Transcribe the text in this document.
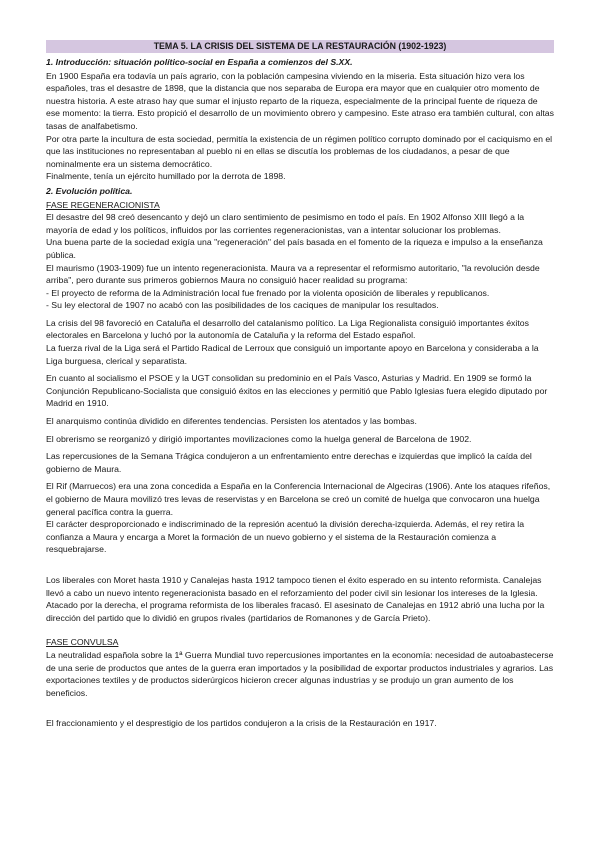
TEMA 5. LA CRISIS DEL SISTEMA DE LA RESTAURACIÓN (1902-1923)
1. Introducción: situación político-social en España a comienzos del S.XX.

En 1900 España era todavía un país agrario, con la población campesina viviendo en la miseria. Esta situación hizo vera los españoles, tras el desastre de 1898, que la distancia que nos separaba de Europa era mayor que en cualquier otro momento de nuestra historia. A este atraso hay que sumar el injusto reparto de la riqueza, especialmente de la principal fuente de riqueza de ese momento: la tierra. Esto propició el desarrollo de un movimiento obrero y campesino. Este atraso era también cultural, con altas tasas de analfabetismo.

Por otra parte la incultura de esta sociedad, permitía la existencia de un régimen político corrupto dominado por el caciquismo en el que las instituciones no representaban al pueblo ni en ellas se discutía los problemas de los ciudadanos, a pesar de que nominalmente era un sistema democrático.

Finalmente, tenía un ejército humillado por la derrota de 1898.

2. Evolución política.
FASE REGENERACIONISTA

El desastre del 98 creó desencanto y dejó un claro sentimiento de pesimismo en todo el país. En 1902 Alfonso XIII llegó a la mayoría de edad y los políticos, influidos por las corrientes regeneracionistas, van a intentar solucionar los problemas.

Una buena parte de la sociedad exigía una "regeneración" del país basada en el fomento de la riqueza e impulso a la enseñanza pública.

El maurismo (1903-1909) fue un intento regeneracionista. Maura va a representar el reformismo autoritario, "la revolución desde arriba", pero durante sus primeros gobiernos Maura no consiguió hacer realidad su programa:

- El proyecto de reforma de la Administración local fue frenado por la violenta oposición de liberales y republicanos.

- Su ley electoral de 1907 no acabó con las posibilidades de los caciques de manipular los resultados.

La crisis del 98 favoreció en Cataluña el desarrollo del catalanismo político. La Liga Regionalista consiguió importantes éxitos electorales en Barcelona y luchó por la autonomía de Cataluña y la reforma del Estado español.

La fuerza rival de la Liga será el Partido Radical de Lerroux que consiguió un importante apoyo en Barcelona y consideraba a la Liga burguesa, clerical y separatista.

En cuanto al socialismo el PSOE y la UGT consolidan su predominio en el País Vasco, Asturias y Madrid. En 1909 se formó la Conjunción Republicano-Socialista que consiguió éxitos en las elecciones y permitió que Pablo Iglesias fuera elegido diputado por Madrid en 1910.

El anarquismo continúa dividido en diferentes tendencias. Persisten los atentados y las bombas.

El obrerismo se reorganizó y dirigió importantes movilizaciones como la huelga general de Barcelona de 1902.

Las repercusiones de la Semana Trágica condujeron a un enfrentamiento entre derechas e izquierdas que implicó la caída del gobierno de Maura.

El Rif (Marruecos) era una zona concedida a España en la Conferencia Internacional de Algeciras (1906). Ante los ataques rifeños, el gobierno de Maura movilizó tres levas de reservistas y en Barcelona se creó un comité de huelga que convocaron una huelga general pacífica contra la guerra.

El carácter desproporcionado e indiscriminado de la represión acentuó la división derecha-izquierda. Además, el rey retira la confianza a Maura y encarga a Moret la formación de un nuevo gobierno y el sistema de la Restauración comienza a resquebrajarse.

Los liberales con Moret hasta 1910 y Canalejas hasta 1912 tampoco tienen el éxito esperado en su intento reformista. Canalejas llevó a cabo un nuevo intento regeneracionista basado en el reforzamiento del poder civil sin lesionar los intereses de la Iglesia. Atacado por la derecha, el programa reformista de los liberales fracasó. El asesinato de Canalejas en 1912 abrió una lucha por la dirección del partido que lo dividió en grupos rivales (partidarios de Romanones y de García Prieto).

FASE CONVULSA

La neutralidad española sobre la 1ª Guerra Mundial tuvo repercusiones importantes en la economía: necesidad de autoabastecerse de una serie de productos que antes de la guerra eran importados y la posibilidad de exportar productos industriales y agrarios. Las exportaciones textiles y de productos siderúrgicos hicieron crecer algunas industrias y se produjo un gran aumento de los beneficios.

El fraccionamiento y el desprestigio de los partidos condujeron a la crisis de la Restauración en 1917.
